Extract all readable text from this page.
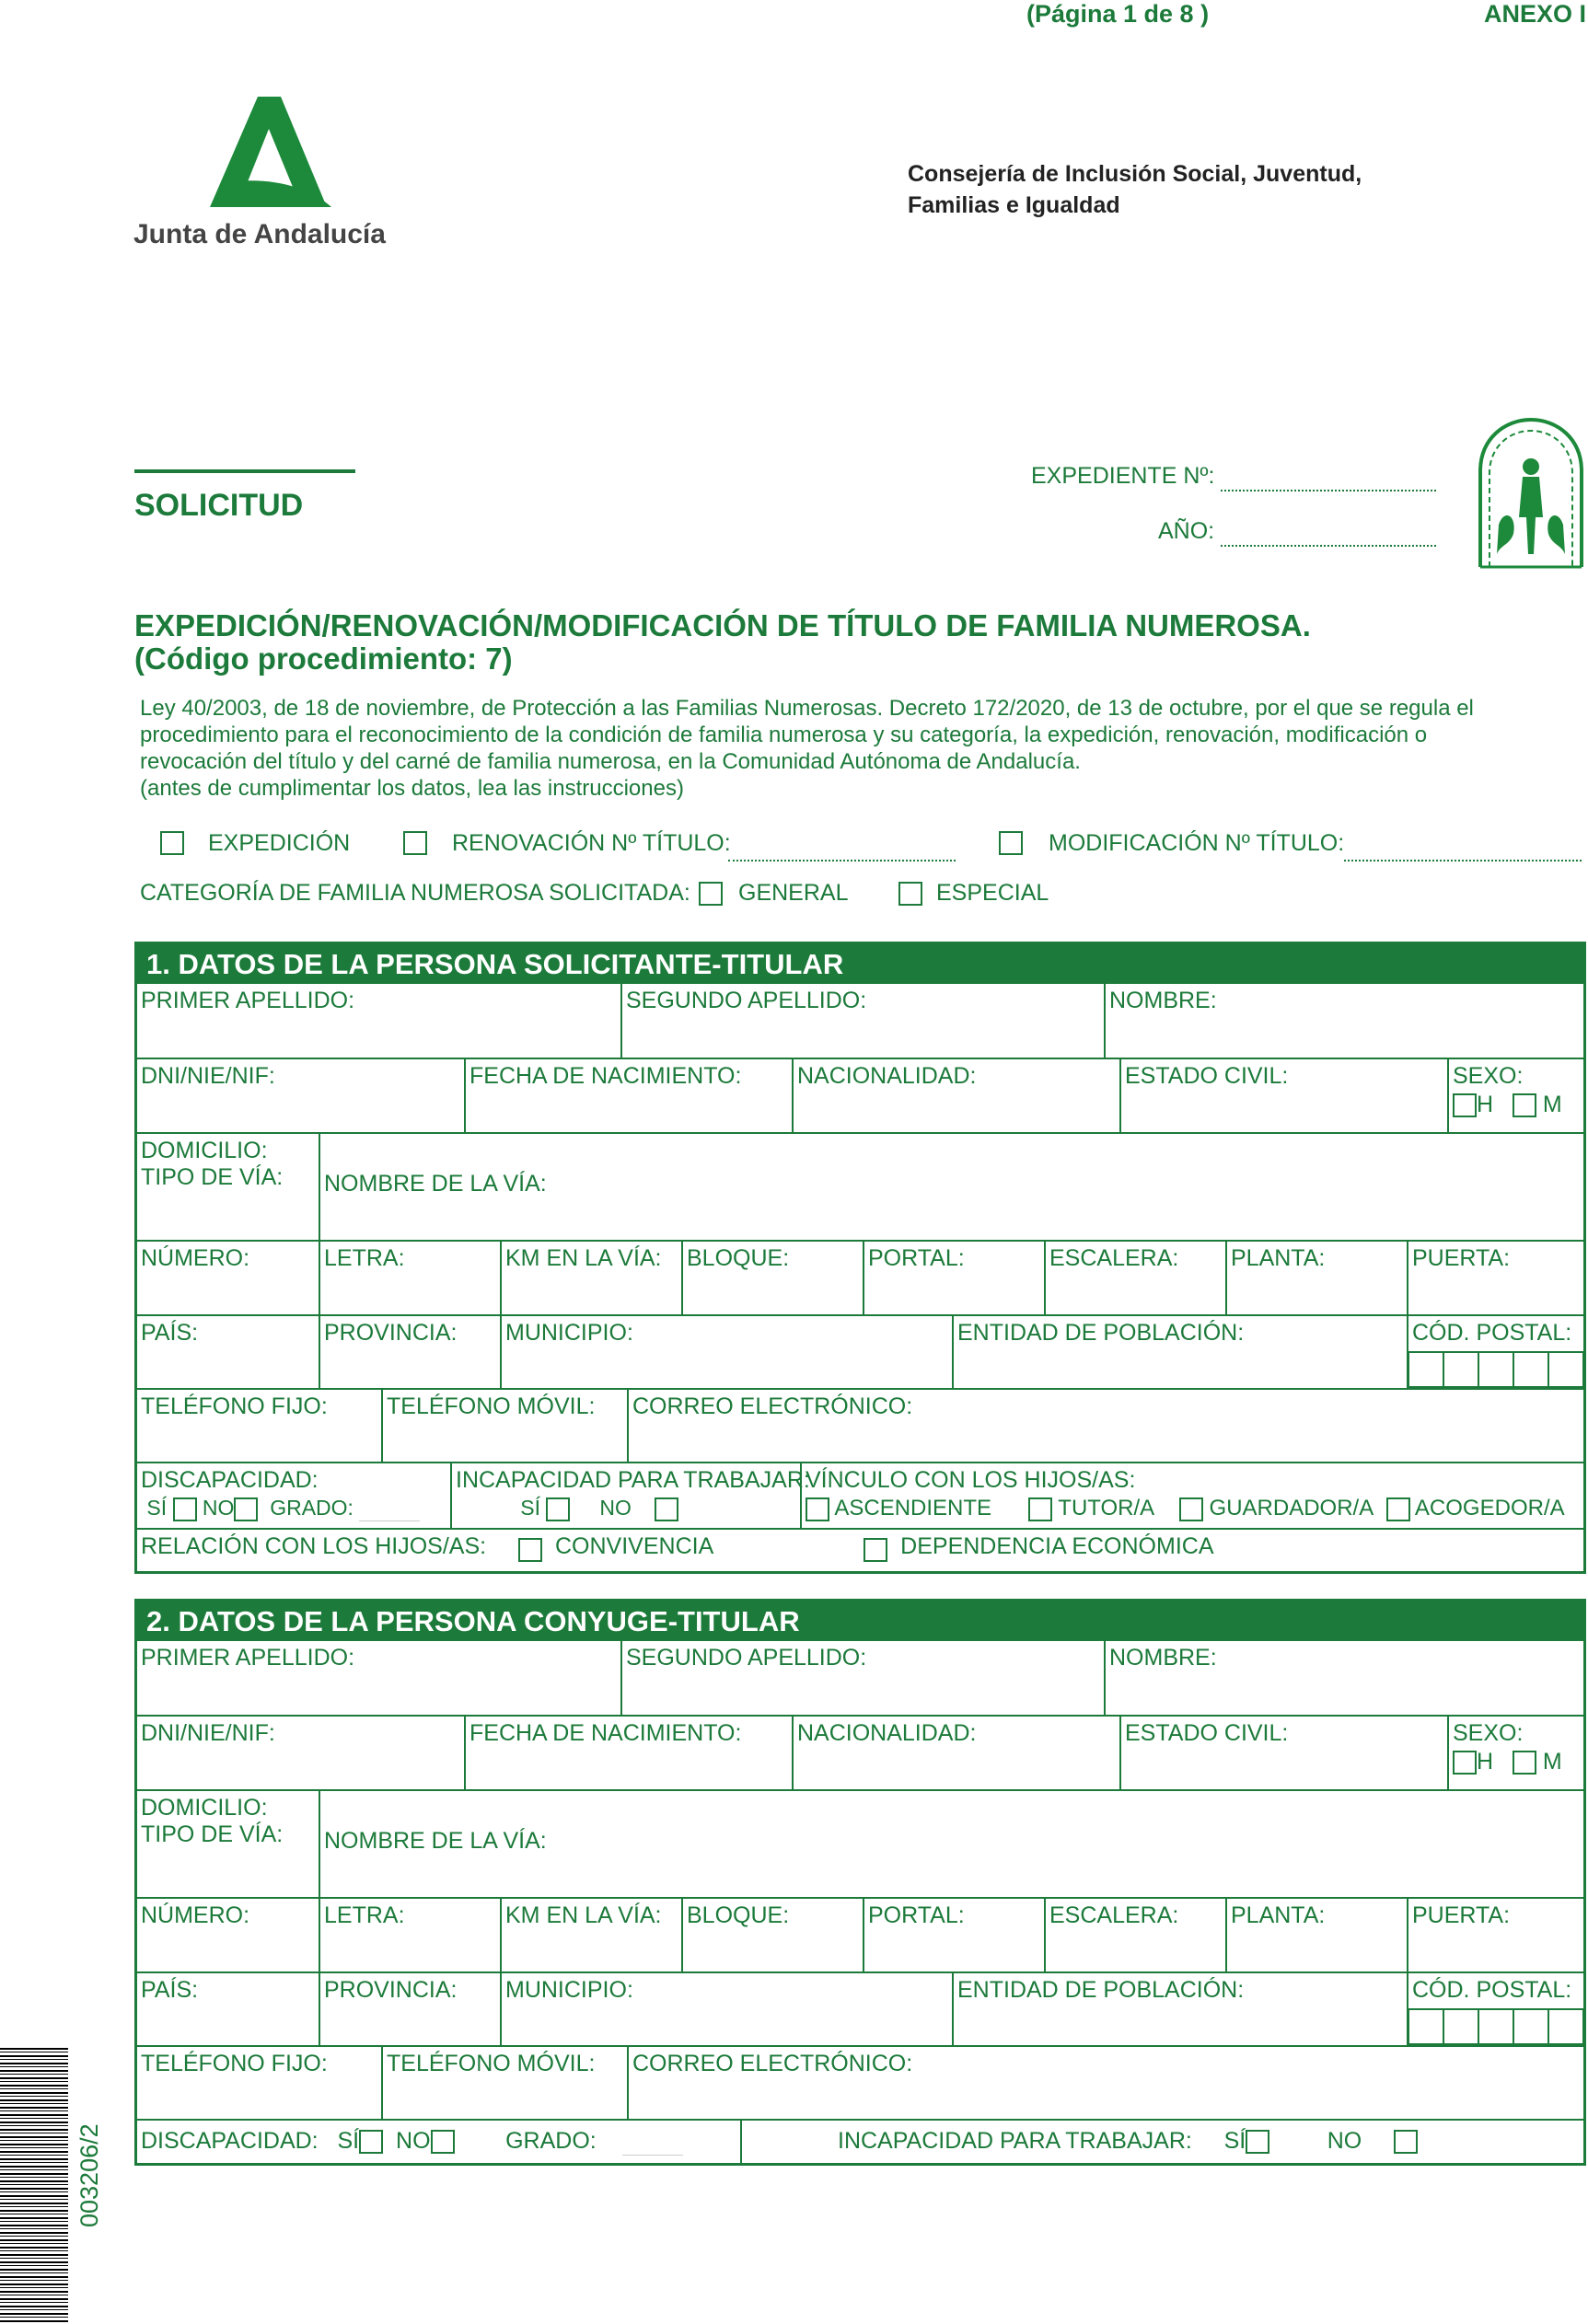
(Página 1 de 8 )	ANEXO I
Junta de Andalucía
Consejería de Inclusión Social, Juventud,
Familias e Igualdad
SOLICITUD
EXPEDIENTE Nº:
AÑO:
EXPEDICIÓN/RENOVACIÓN/MODIFICACIÓN DE TÍTULO DE FAMILIA NUMEROSA.
(Código procedimiento: 7)
Ley 40/2003, de 18 de noviembre, de Protección a las Familias Numerosas. Decreto 172/2020, de 13 de octubre, por el que se regula el
procedimiento para el reconocimiento de la condición de familia numerosa y su categoría, la expedición, renovación, modificación o
revocación del título y del carné de familia numerosa, en la Comunidad Autónoma de Andalucía.
(antes de cumplimentar los datos, lea las instrucciones)
EXPEDICIÓN	RENOVACIÓN Nº TÍTULO:	MODIFICACIÓN Nº TÍTULO:
CATEGORÍA DE FAMILIA NUMEROSA SOLICITADA: GENERAL	ESPECIAL
1. DATOS DE LA PERSONA SOLICITANTE-TITULAR
PRIMER APELLIDO:	SEGUNDO APELLIDO:	NOMBRE:
DNI/NIE/NIF:	FECHA DE NACIMIENTO:	NACIONALIDAD:	ESTADO CIVIL:	SEXO:
H M
DOMICILIO:
TIPO DE VÍA:	NOMBRE DE LA VÍA:
NÚMERO:	LETRA:	KM EN LA VÍA:	BLOQUE:	PORTAL:	ESCALERA:	PLANTA:	PUERTA:
PAÍS:	PROVINCIA:	MUNICIPIO:	ENTIDAD DE POBLACIÓN:	CÓD. POSTAL:
TELÉFONO FIJO:	TELÉFONO MÓVIL:	CORREO ELECTRÓNICO:
DISCAPACIDAD:
SÍ NO GRADO:
INCAPACIDAD PARA TRABAJAR:
SÍ	NO
VÍNCULO CON LOS HIJOS/AS:
ASCENDIENTE	TUTOR/A GUARDADOR/A ACOGEDOR/A
RELACIÓN CON LOS HIJOS/AS:	CONVIVENCIA	DEPENDENCIA ECONÓMICA
2. DATOS DE LA PERSONA CONYUGE-TITULAR
PRIMER APELLIDO:	SEGUNDO APELLIDO:	NOMBRE:
DNI/NIE/NIF:	FECHA DE NACIMIENTO:	NACIONALIDAD:	ESTADO CIVIL:	SEXO:
H M
DOMICILIO:
TIPO DE VÍA:	NOMBRE DE LA VÍA:
NÚMERO:	LETRA:	KM EN LA VÍA:	BLOQUE:	PORTAL:	ESCALERA:	PLANTA:	PUERTA:
PAÍS:	PROVINCIA:	MUNICIPIO:	ENTIDAD DE POBLACIÓN:	CÓD. POSTAL:
TELÉFONO FIJO:	TELÉFONO MÓVIL:	CORREO ELECTRÓNICO:
DISCAPACIDAD: SÍ NO	GRADO:	INCAPACIDAD PARA TRABAJAR: SÍ	NO
003206/2
